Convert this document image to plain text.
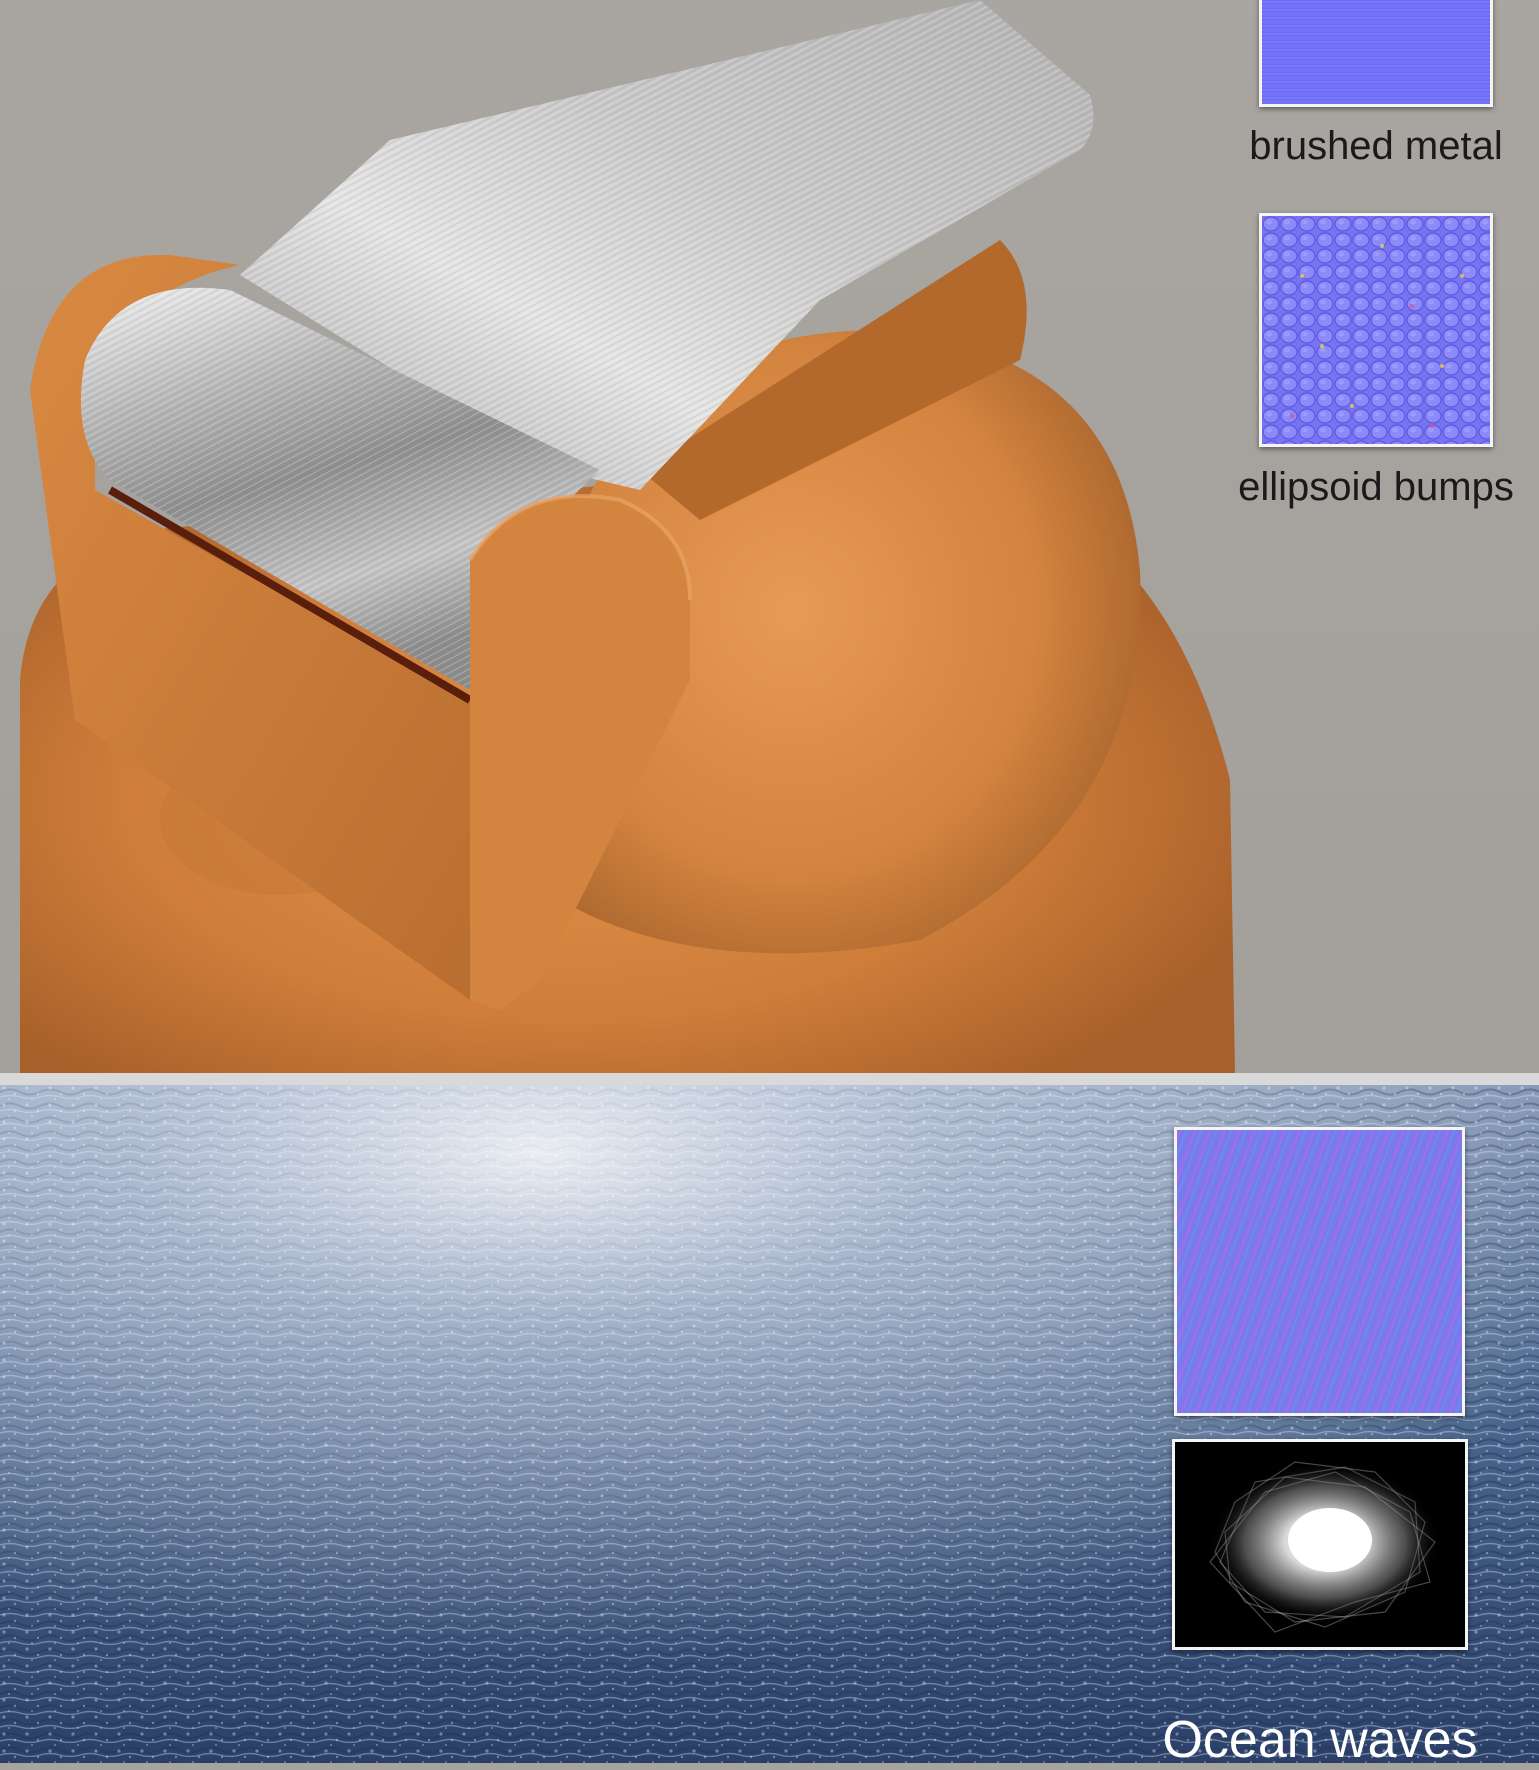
brushed metal
ellipsoid bumps
Ocean waves
